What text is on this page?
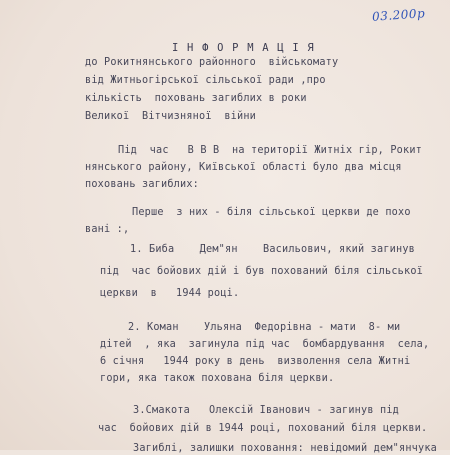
03.200р
І Н Ф О Р М А Ц І Я
до Рокитнянського районного  військомату
від Житньогірської сільської ради ,про
кількість  поховань загиблих в роки
Великої  Вітчизняної  війни
Під  час   В В В  на території Житніх гір, Рокит
нянського району, Київської області було два місця
поховань загиблих:
Перше  з них - біля сільської церкви де похо
вані :,
1. Биба    Дем"ян    Васильович, який загинув
під  час бойових дій і був похований біля сільської
церкви  в   1944 році.
2. Коман    Ульяна  Федорівна - мати  8- ми
дітей  , яка  загинула під час  бомбардування  села,
6 січня   1944 року в день  визволення села Житні
гори, яка також похована біля церкви.
3.Смакота   Олексій Іванович - загинув під
час  бойових дій в 1944 році, похований біля церкви.
Загиблі, залишки поховання: невідомий дем"янчука
